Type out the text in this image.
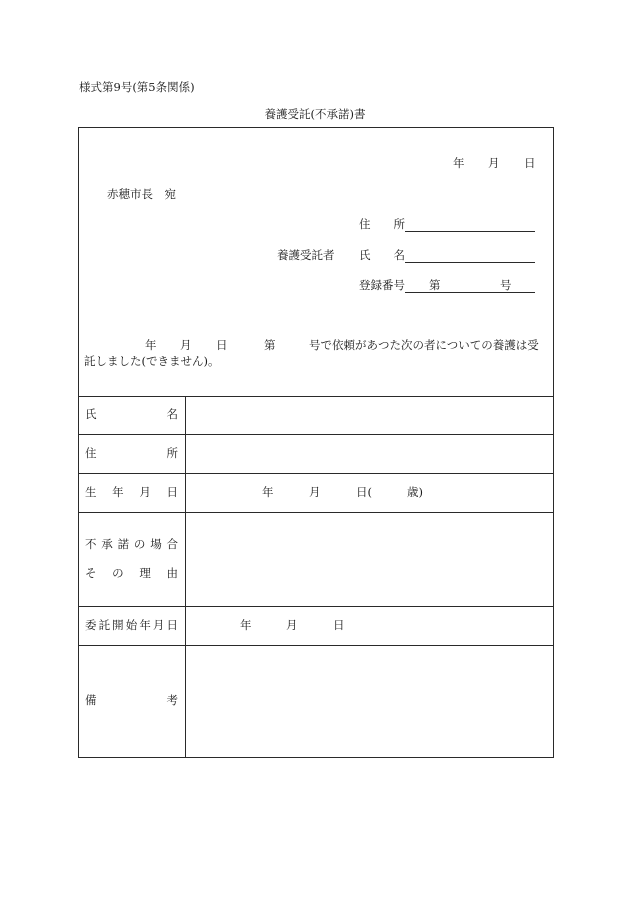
様式第9号(第5条関係)
養護受託(不承諾)書
年 月 日
赤穂市長　宛
住　　所
養護受託者 氏　　名
登録番号 第	号
年 月 日	第	号で依頼があつた次の者についての養護は受
託しました(できません)。
氏	名
住	所
生 年 月 日	年	月	日(	歳)
不 承 諾 の 場 合
そ の 理 由
委 託 開 始 年 月 日	年	月	日
備	考
